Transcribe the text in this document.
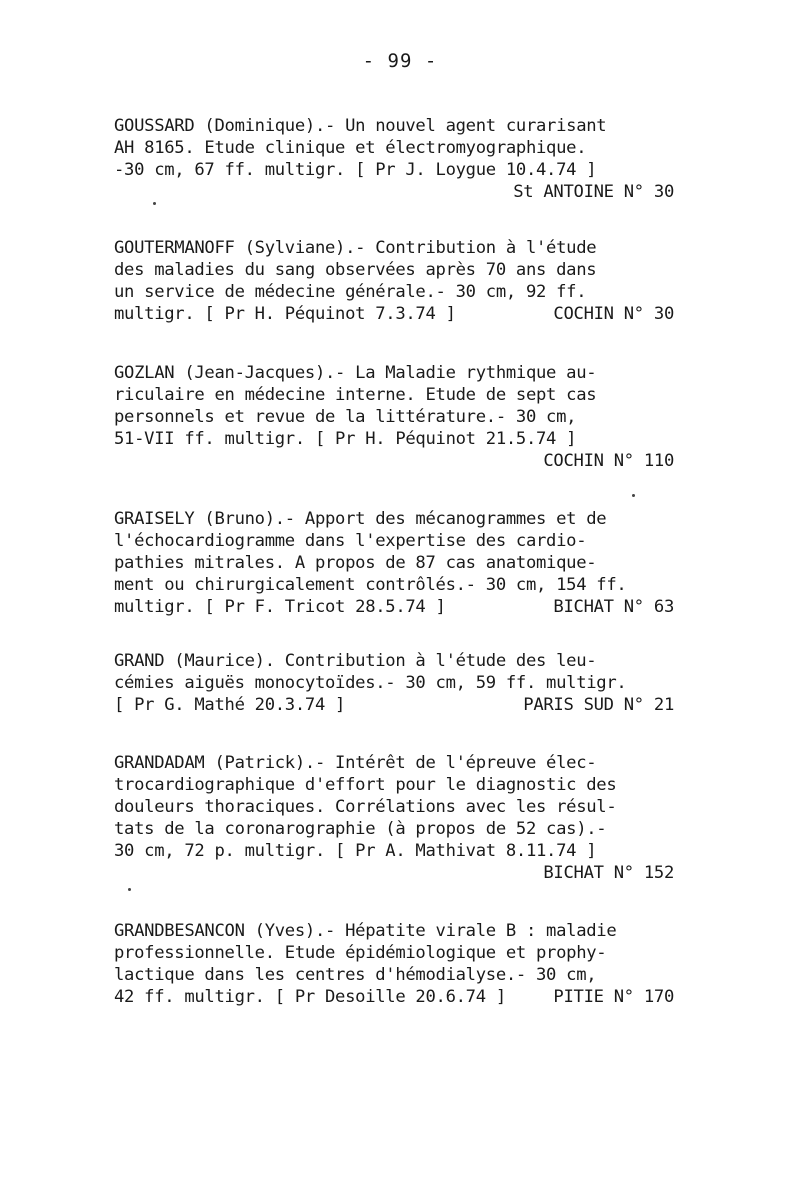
- 99 -
GOUSSARD (Dominique).- Un nouvel agent curarisant
AH 8165. Etude clinique et électromyographique.
-30 cm, 67 ff. multigr. [ Pr J. Loygue 10.4.74 ]
St ANTOINE N° 30
GOUTERMANOFF (Sylviane).- Contribution à l'étude
des maladies du sang observées après 70 ans dans
un service de médecine générale.- 30 cm, 92 ff.
multigr. [ Pr H. Péquinot 7.3.74 ]	COCHIN N° 30
GOZLAN (Jean-Jacques).- La Maladie rythmique au-
riculaire en médecine interne. Etude de sept cas
personnels et revue de la littérature.- 30 cm,
51-VII ff. multigr. [ Pr H. Péquinot 21.5.74 ]
COCHIN N° 110
GRAISELY (Bruno).- Apport des mécanogrammes et de
l'échocardiogramme dans l'expertise des cardio-
pathies mitrales. A propos de 87 cas anatomique-
ment ou chirurgicalement contrôlés.- 30 cm, 154 ff.
multigr. [ Pr F. Tricot 28.5.74 ]	BICHAT N° 63
GRAND (Maurice). Contribution à l'étude des leu-
cémies aiguës monocytoïdes.- 30 cm, 59 ff. multigr.
[ Pr G. Mathé 20.3.74 ]	PARIS SUD N° 21
GRANDADAM (Patrick).- Intérêt de l'épreuve élec-
trocardiographique d'effort pour le diagnostic des
douleurs thoraciques. Corrélations avec les résul-
tats de la coronarographie (à propos de 52 cas).-
30 cm, 72 p. multigr. [ Pr A. Mathivat 8.11.74 ]
BICHAT N° 152
GRANDBESANCON (Yves).- Hépatite virale B : maladie
professionnelle. Etude épidémiologique et prophy-
lactique dans les centres d'hémodialyse.- 30 cm,
42 ff. multigr. [ Pr Desoille 20.6.74 ]	PITIE N° 170
